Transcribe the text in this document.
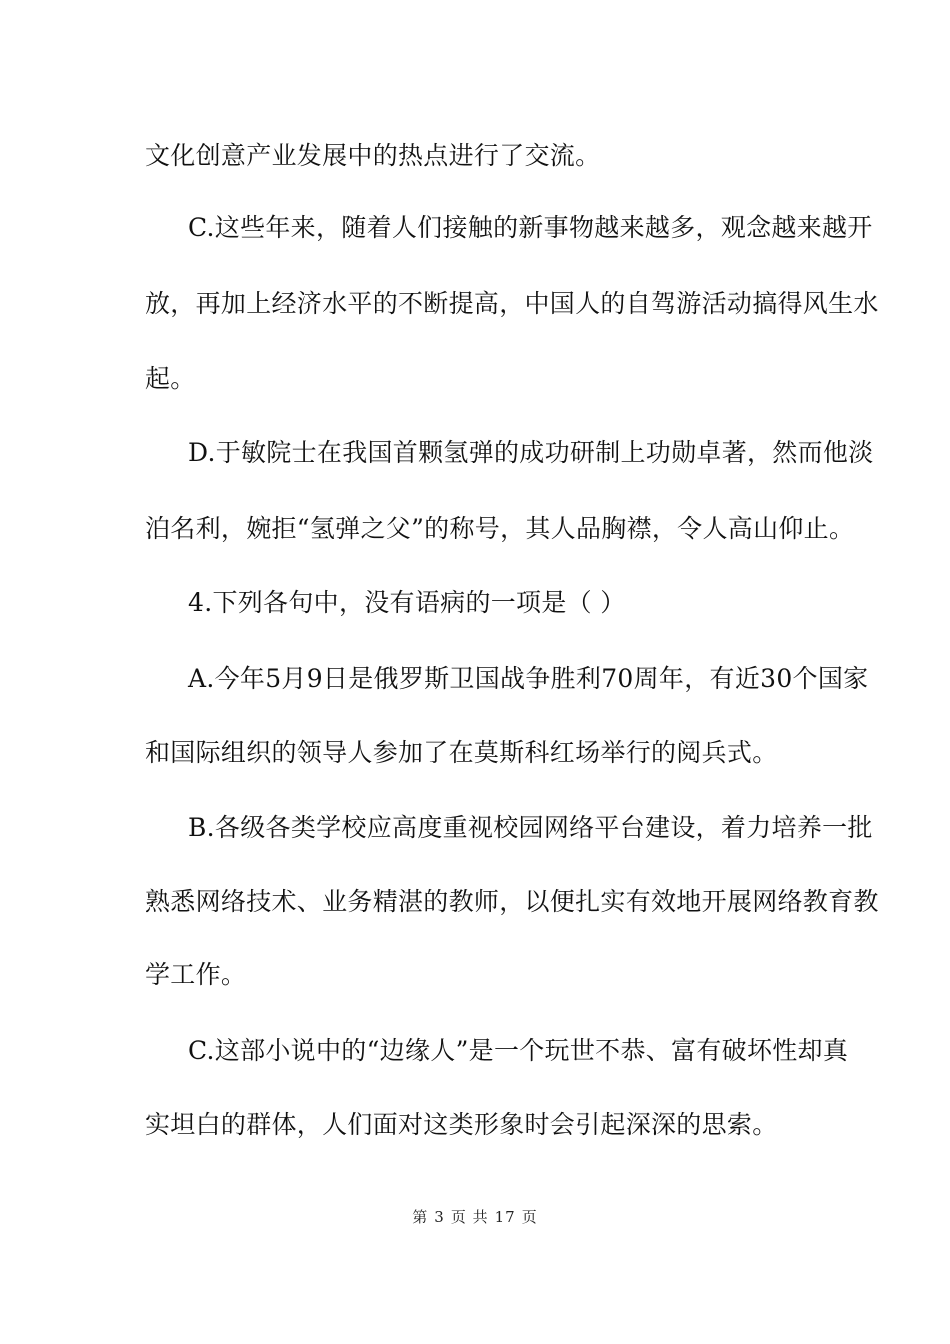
文化创意产业发展中的热点进行了交流。
C.这些年来，随着人们接触的新事物越来越多，观念越来越开
放，再加上经济水平的不断提高，中国人的自驾游活动搞得风生水
起。
D.于敏院士在我国首颗氢弹的成功研制上功勋卓著，然而他淡
泊名利，婉拒“氢弹之父”的称号，其人品胸襟，令人高山仰止。
4.下列各句中，没有语病的一项是（ ）
A.今年5月9日是俄罗斯卫国战争胜利70周年，有近30个国家
和国际组织的领导人参加了在莫斯科红场举行的阅兵式。
B.各级各类学校应高度重视校园网络平台建设，着力培养一批
熟悉网络技术、业务精湛的教师，以便扎实有效地开展网络教育教
学工作。
C.这部小说中的“边缘人”是一个玩世不恭、富有破坏性却真
实坦白的群体，人们面对这类形象时会引起深深的思索。
第 3 页 共 17 页
